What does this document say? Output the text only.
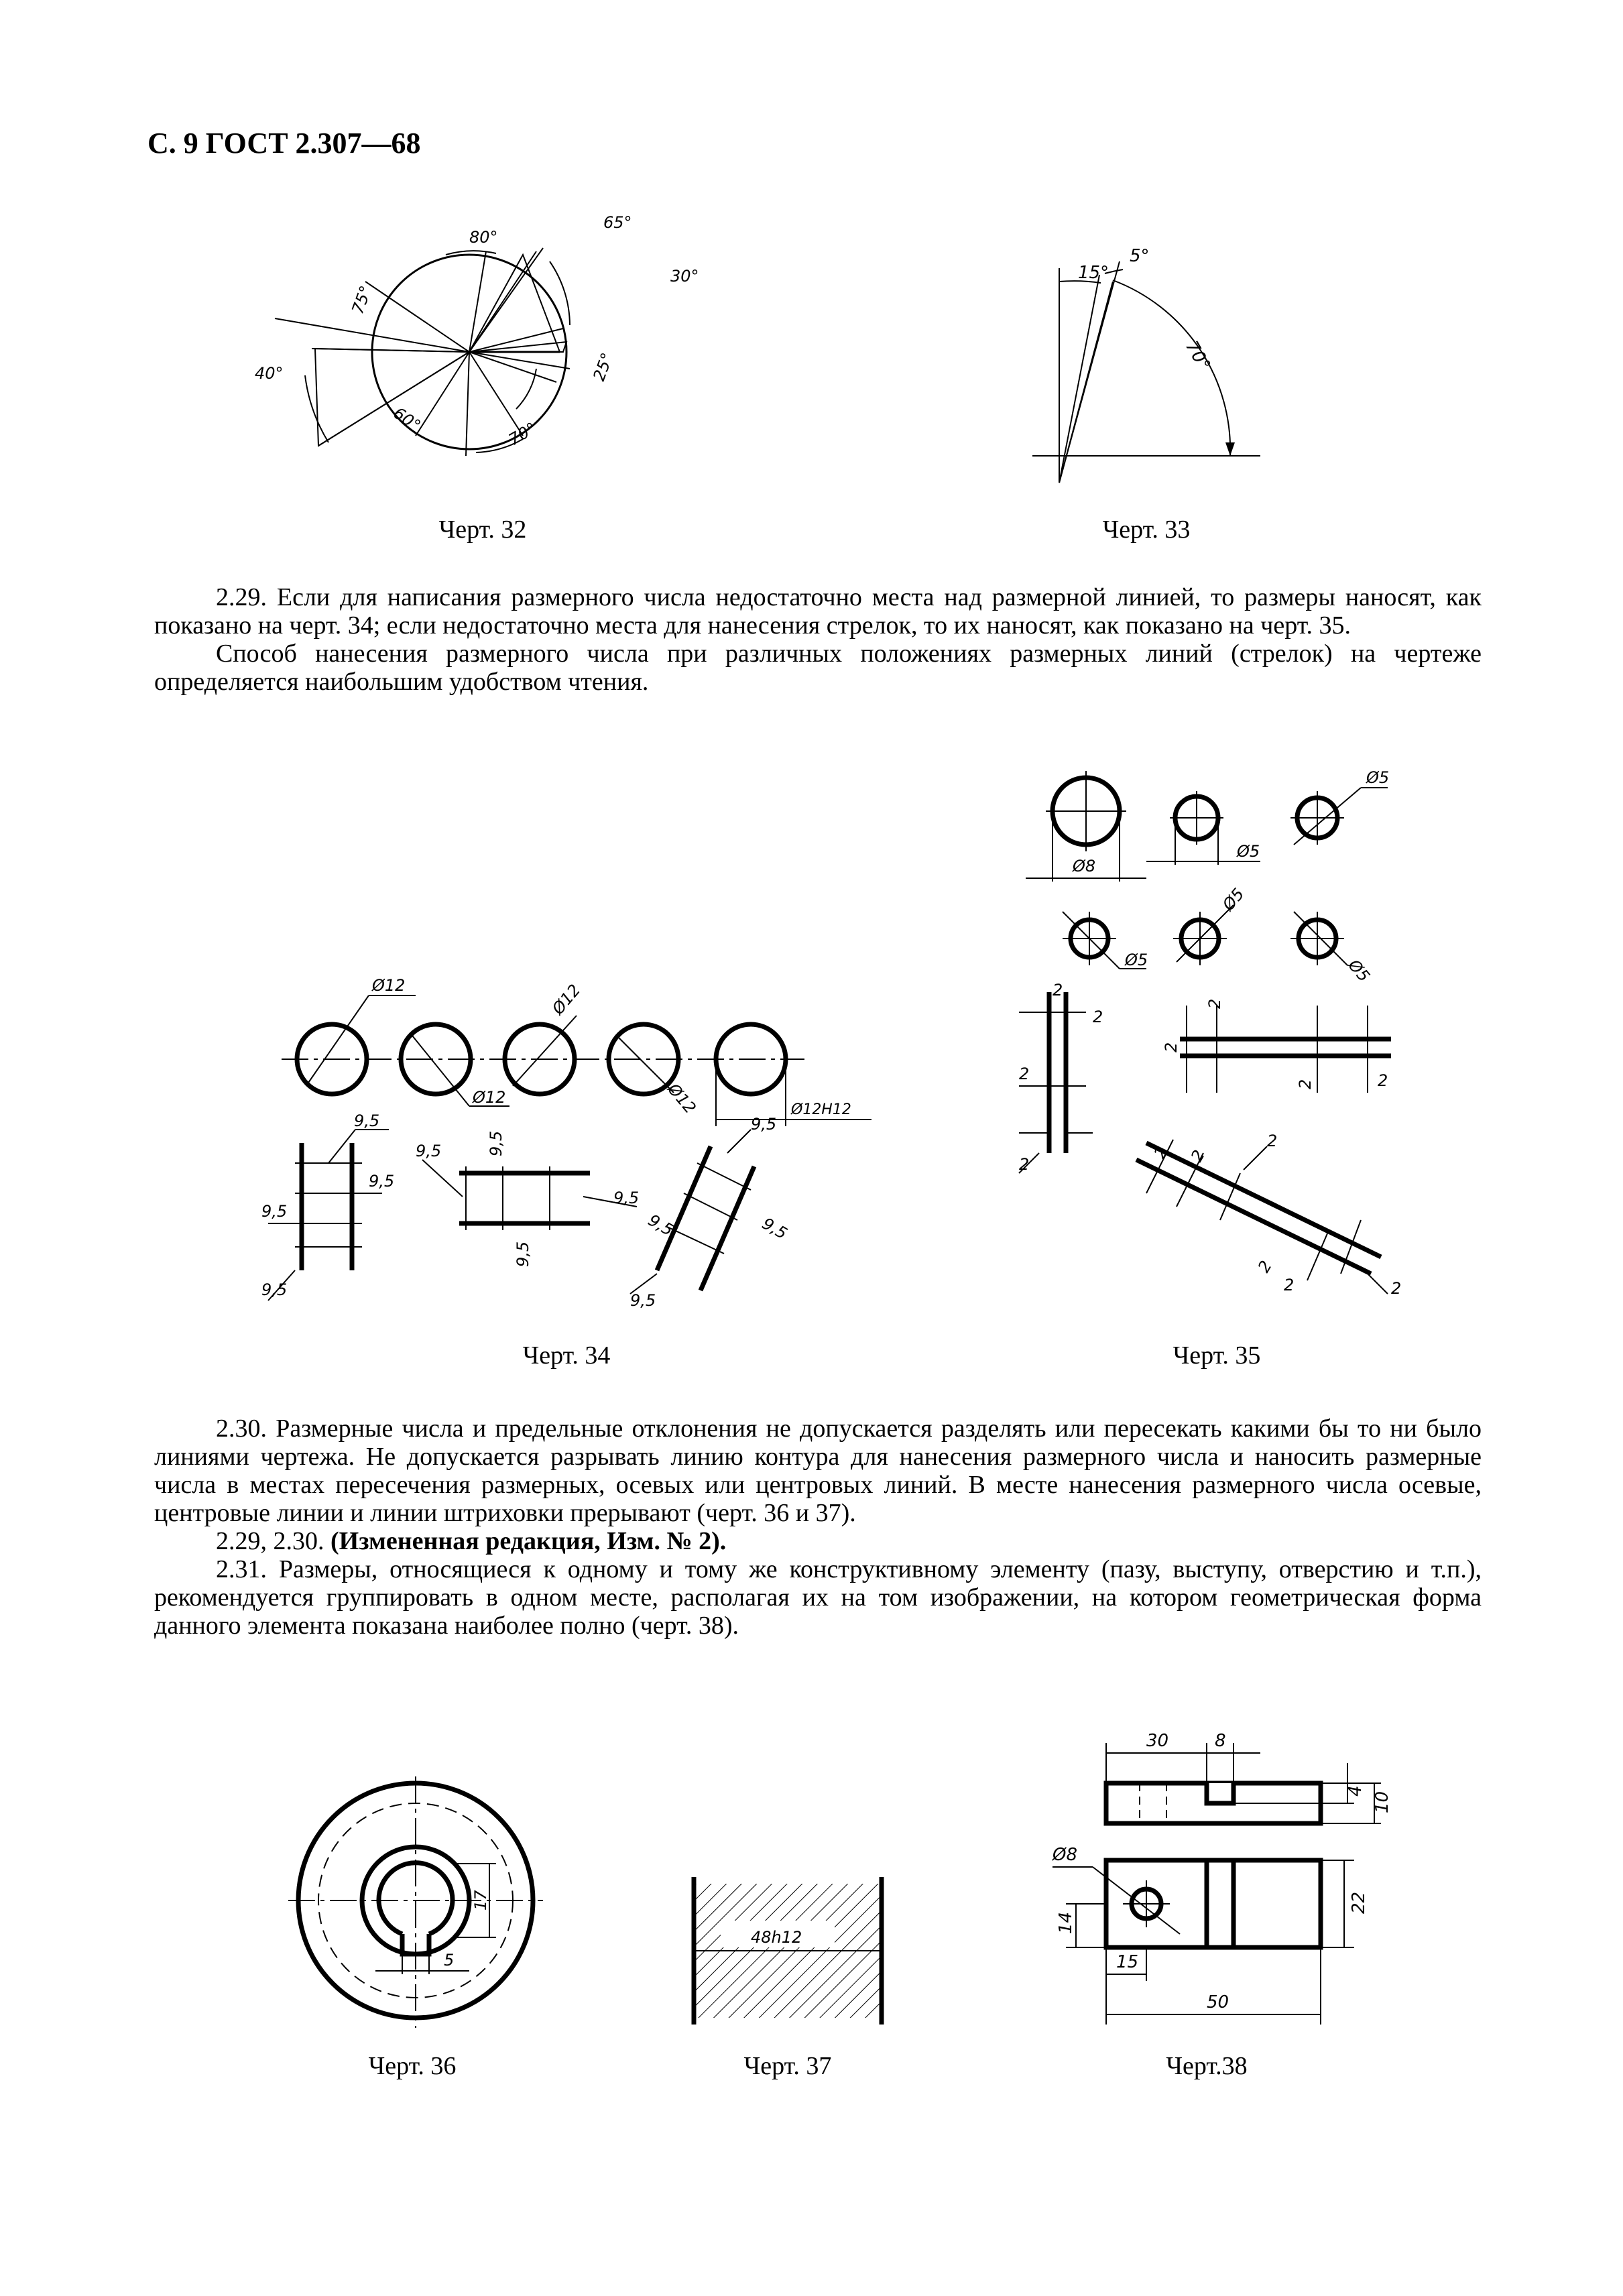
С. 9 ГОСТ 2.307—68
80°
65°
30°
75°
40°	25°
60°	70°
Черт. 32
15°
5°
70°
Черт. 33

2.29. Если для написания размерного числа недостаточно места над размерной линией, то размеры наносят, как показано на черт. 34; если недостаточно места для нанесения стрелок, то их наносят, как показано на черт. 35.

Способ нанесения размерного числа при различных положениях размерных линий (стрелок) на чертеже определяется наибольшим удобством чтения.

Ø12
Ø12
Ø12
Ø12	Ø12H12
9,5
9,5
9,5
9,5
9,5	9,5
9,5
9,5
9,5
9,5	9,5
9,5
Черт. 34
Ø8
Ø5
Ø5
Ø5
Ø5
Ø5
2
2
2
2
2
2
2	2
2 2
2
2
2	2
Черт. 35

2.30. Размерные числа и предельные отклонения не допускается разделять или пересекать какими бы то ни было линиями чертежа. Не допускается разрывать линию контура для нанесения размерного числа и наносить размерные числа в местах пересечения размерных, осевых или центровых линий. В месте нанесения размерного числа осевые, центровые линии и линии штриховки прерывают (черт. 36 и 37).

2.29, 2.30. (Измененная редакция, Изм. № 2).

2.31. Размеры, относящиеся к одному и тому же конструктивному элементу (пазу, выступу, отверстию и т.п.), рекомендуется группировать в одном месте, располагая их на том изображении, на котором геометрическая форма данного элемента показана наиболее полно (черт. 38).

17
5
Черт. 36
48h12
Черт. 37
30	8
4
10
Ø8
14
22
15
50
Черт.38
